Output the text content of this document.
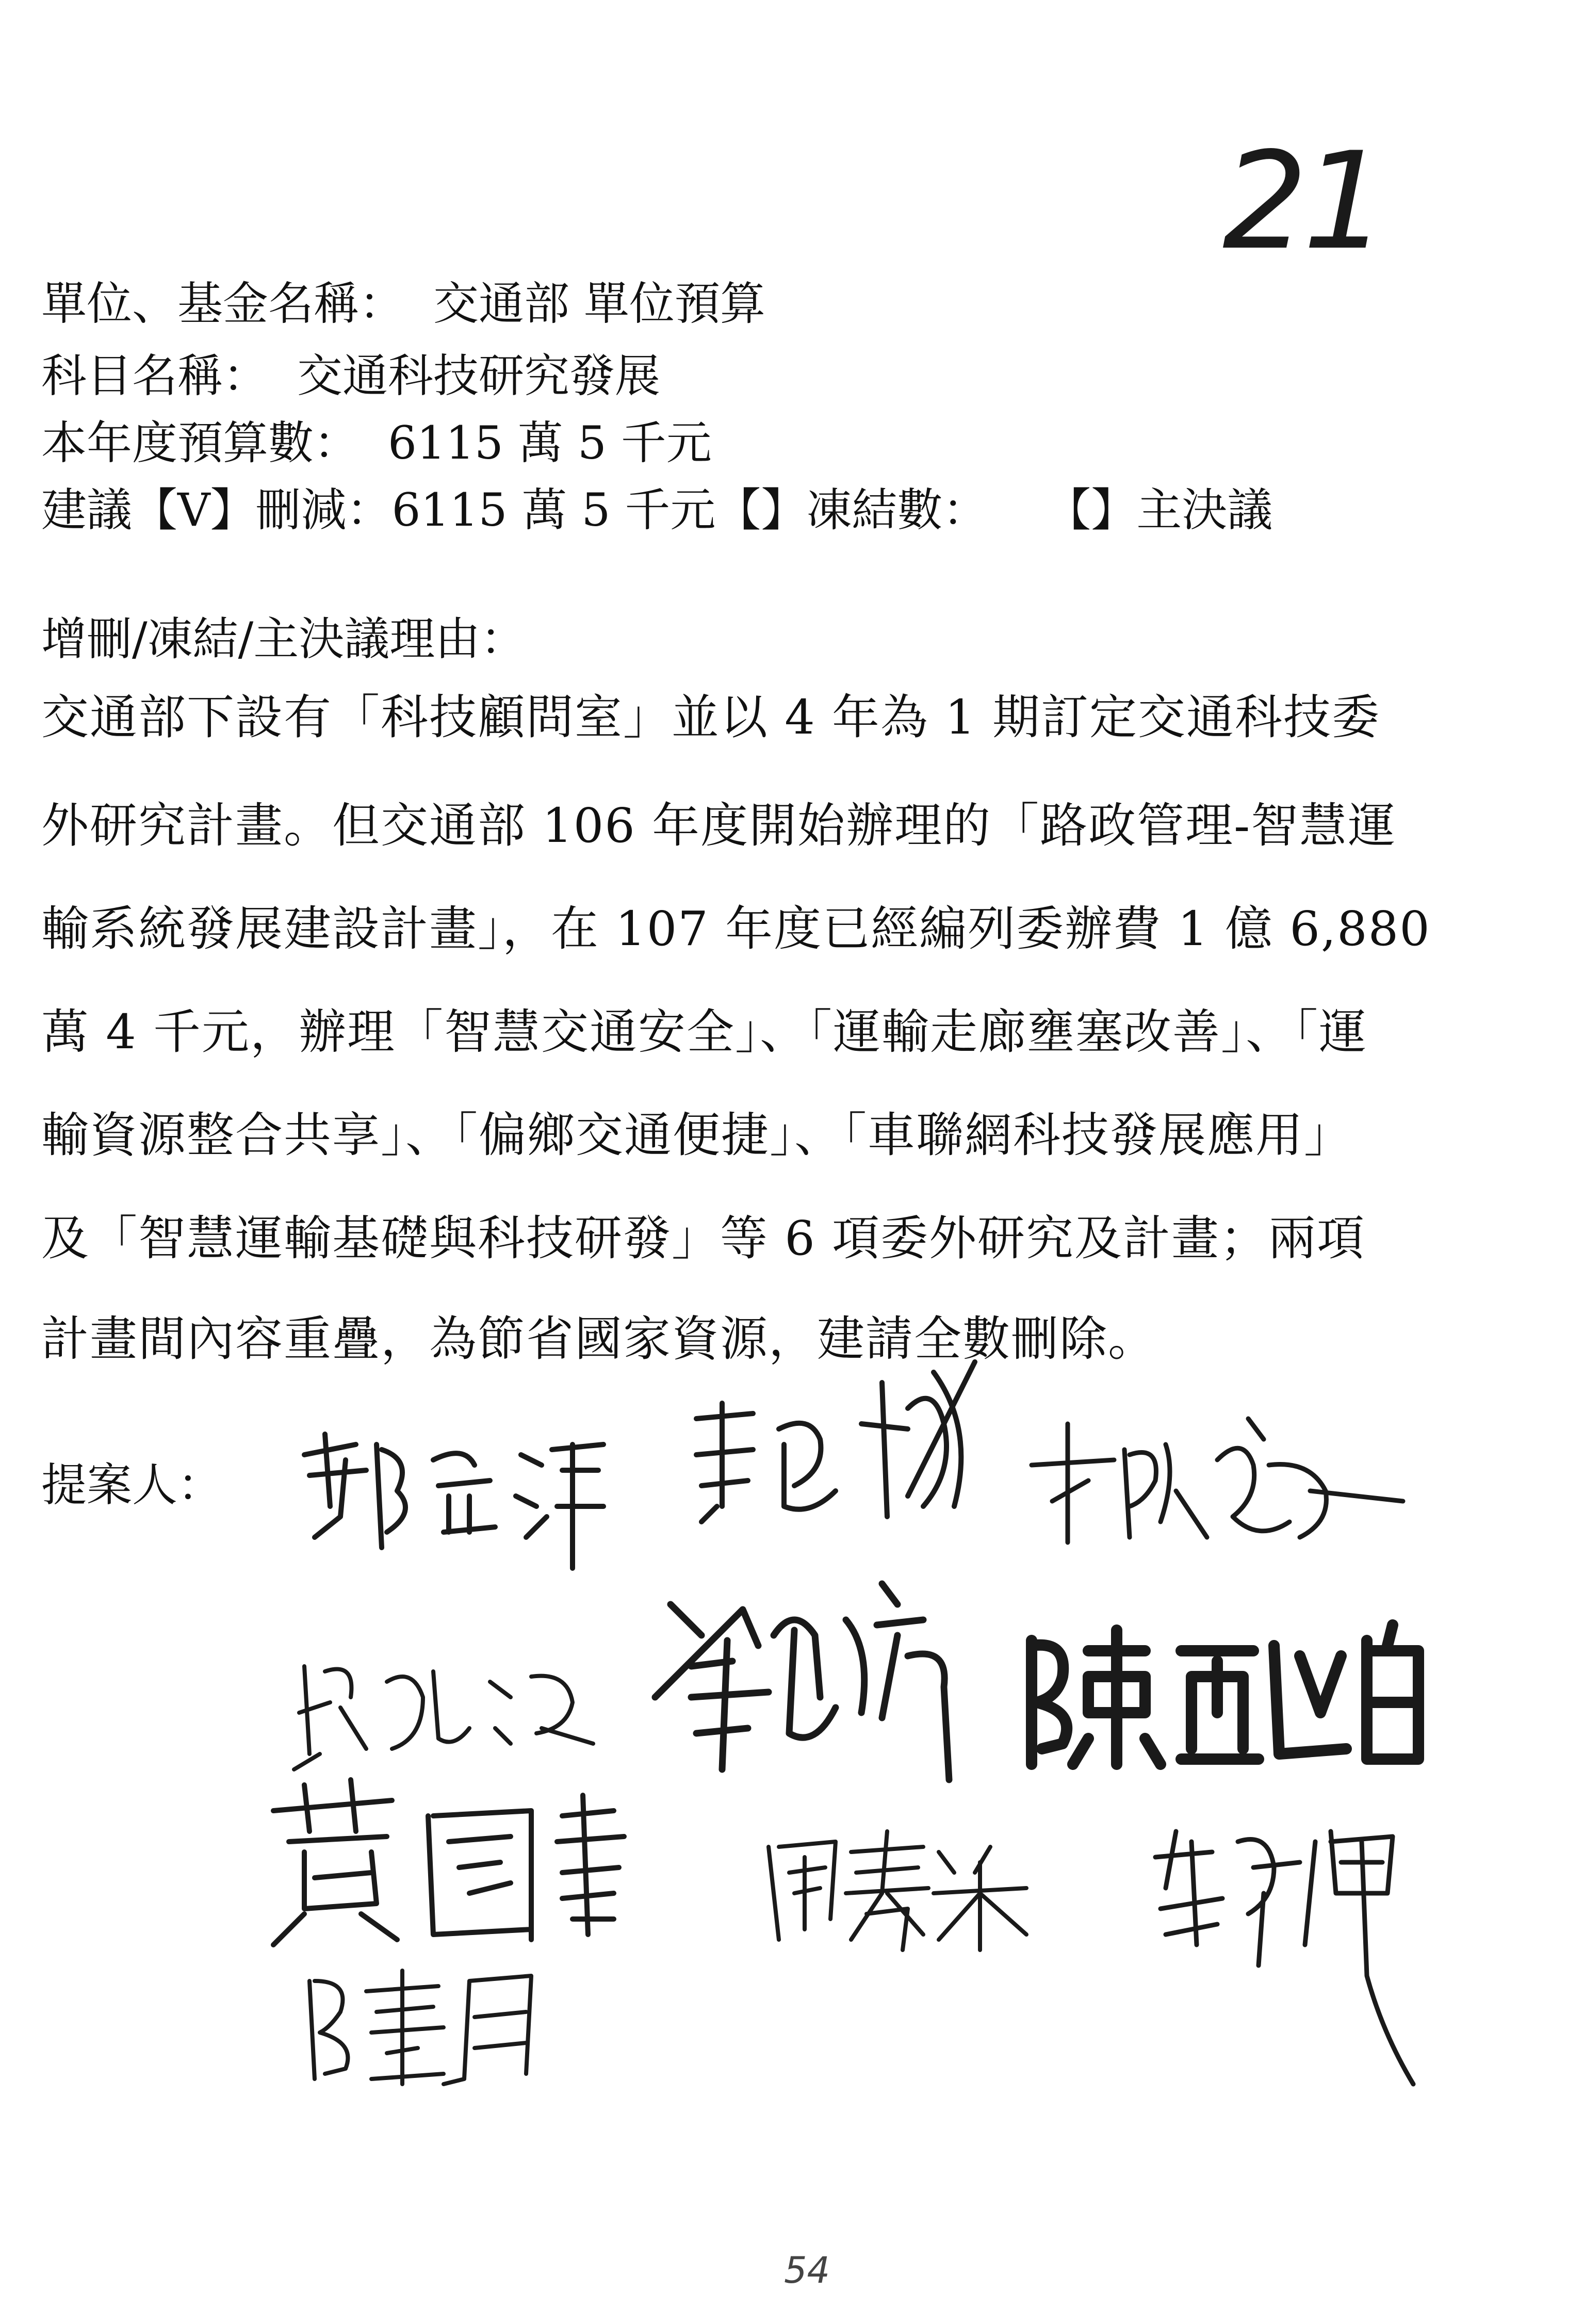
21
單位、基金名稱：  交通部 單位預算
科目名稱：  交通科技研究發展
本年度預算數：  6115 萬 5 千元
建議【V】刪減：6115 萬 5 千元【】凍結數：    【】主決議
增刪/凍結/主決議理由：
交通部下設有「科技顧問室」並以 4 年為 1 期訂定交通科技委
外研究計畫。但交通部 106 年度開始辦理的「路政管理-智慧運
輸系統發展建設計畫」，在 107 年度已經編列委辦費 1 億 6,880
萬 4 千元，辦理「智慧交通安全」、「運輸走廊壅塞改善」、「運
輸資源整合共享」、「偏鄉交通便捷」、「車聯網科技發展應用」
及「智慧運輸基礎與科技研發」等 6 項委外研究及計畫；兩項
計畫間內容重疊，為節省國家資源，建請全數刪除。
提案人：
54
